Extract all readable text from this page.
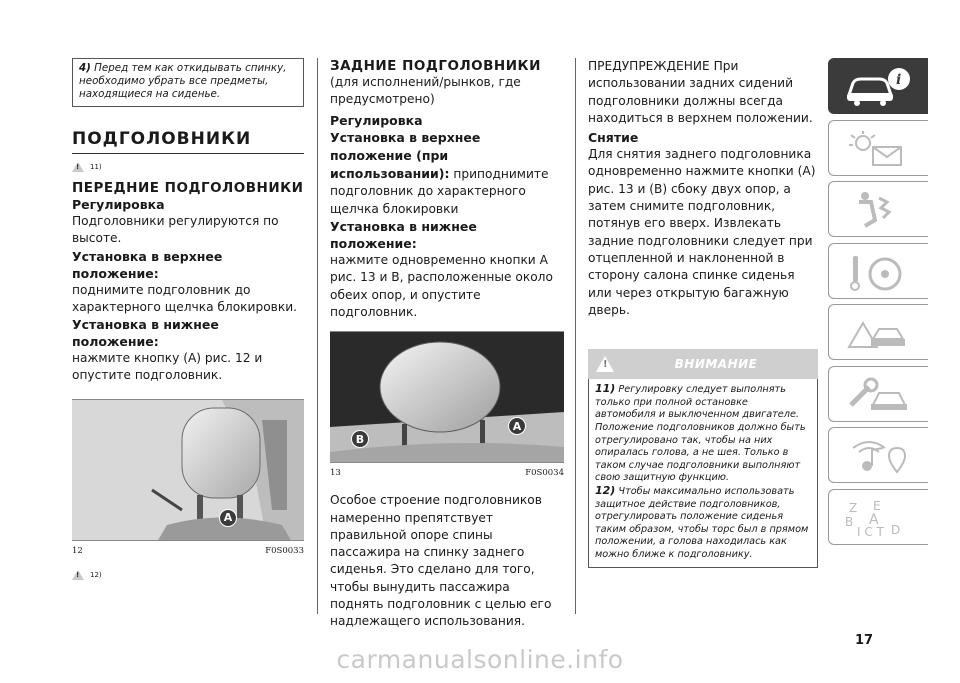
4) Перед тем как откидывать спинку, необходимо убрать все предметы, находящиеся на сиденье.
ПОДГОЛОВНИКИ
!
11)
ПЕРЕДНИЕ ПОДГОЛОВНИКИ
Регулировка
Подголовники регулируются по высоте.
Установка в верхнее положение:
поднимите подголовник до характерного щелчка блокировки.
Установка в нижнее положение:
нажмите кнопку (A) рис. 12 и опустите подголовник.
A
12	F0S0033
!
12)
ЗАДНИЕ ПОДГОЛОВНИКИ
(для исполнений/рынков, где предусмотрено)
Регулировка
Установка в верхнее положение (при использовании): приподнимите подголовник до характерного щелчка блокировки
Установка в нижнее положение:
нажмите одновременно кнопки A рис. 13 и B, расположенные около обеих опор, и опустите подголовник.
B
A
13	F0S0034
Особое строение подголовников намеренно препятствует правильной опоре спины пассажира на спинку заднего сиденья. Это сделано для того, чтобы вынудить пассажира поднять подголовник с целью его надлежащего использования.
ПРЕДУПРЕЖДЕНИЕ При использовании задних сидений подголовники должны всегда находиться в верхнем положении.
Снятие
Для снятия заднего подголовника одновременно нажмите кнопки (A) рис. 13 и (B) сбоку двух опор, а затем снимите подголовник, потянув его вверх. Извлекать задние подголовники следует при отцепленной и наклоненной в сторону салона спинке сиденья или через открытую багажную дверь.
!
ВНИМАНИЕ
11) Регулировку следует выполнять только при полной остановке автомобиля и выключенном двигателе. Положение подголовников должно быть отрегулировано так, чтобы на них опиралась голова, а не шея. Только в таком случае подголовники выполняют свою защитную функцию.
12) Чтобы максимально использовать защитное действие подголовников, отрегулировать положение сиденья таким образом, чтобы торс был в прямом положении, а голова находилась как можно ближе к подголовнику.
i
Z E
B A
I C T D
17
carmanualsonline.info
